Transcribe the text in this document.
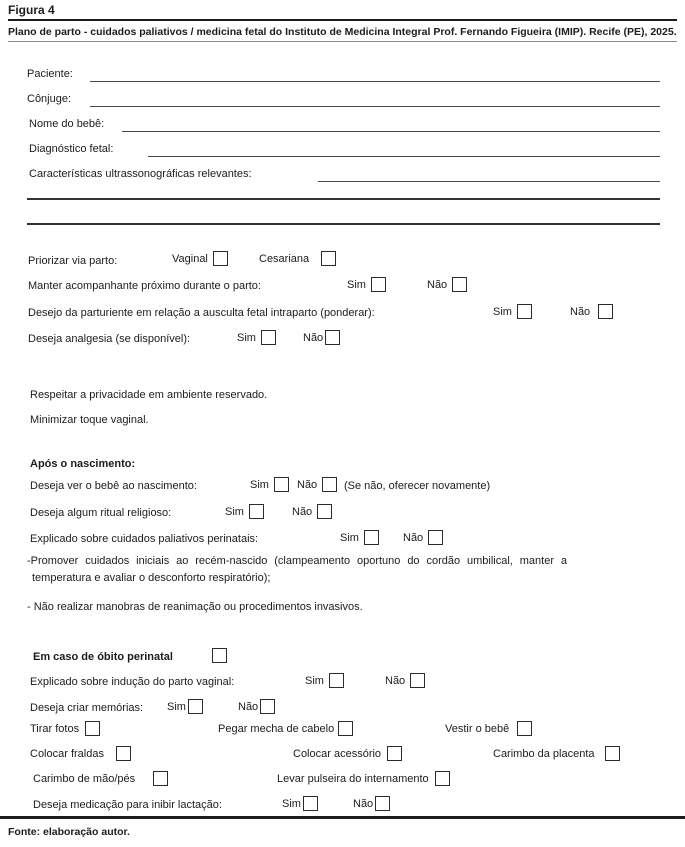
Figura 4
Plano de parto - cuidados paliativos / medicina fetal do Instituto de Medicina Integral Prof. Fernando Figueira (IMIP). Recife (PE), 2025.
Paciente:
Cônjuge:
Nome do bebê:
Diagnóstico fetal:
Características ultrassonográficas relevantes:
Priorizar via parto:	Vaginal	Cesariana
Manter acompanhante próximo durante o parto:	Sim	Não
Desejo da parturiente em relação a ausculta fetal intraparto (ponderar):	Sim	Não
Deseja analgesia (se disponível):	Sim	Não
Respeitar a privacidade em ambiente reservado.
Minimizar toque vaginal.
Após o nascimento:
Deseja ver o bebê ao nascimento:	Sim	Não (Se não, oferecer novamente)
Deseja algum ritual religioso:	Sim	Não
Explicado sobre cuidados paliativos perinatais:	Sim	Não
-Promover cuidados iniciais ao recém-nascido (clampeamento oportuno do cordão umbilical, manter a temperatura e avaliar o desconforto respiratório);
- Não realizar manobras de reanimação ou procedimentos invasivos.
Em caso de óbito perinatal
Explicado sobre indução do parto vaginal:	Sim	Não
Deseja criar memórias: Sim	Não
Tirar fotos	Pegar mecha de cabelo	Vestir o bebê
Colocar fraldas	Colocar acessório	Carimbo da placenta
Carimbo de mão/pés	Levar pulseira do internamento
Deseja medicação para inibir lactação:	Sim	Não
Fonte: elaboração autor.
